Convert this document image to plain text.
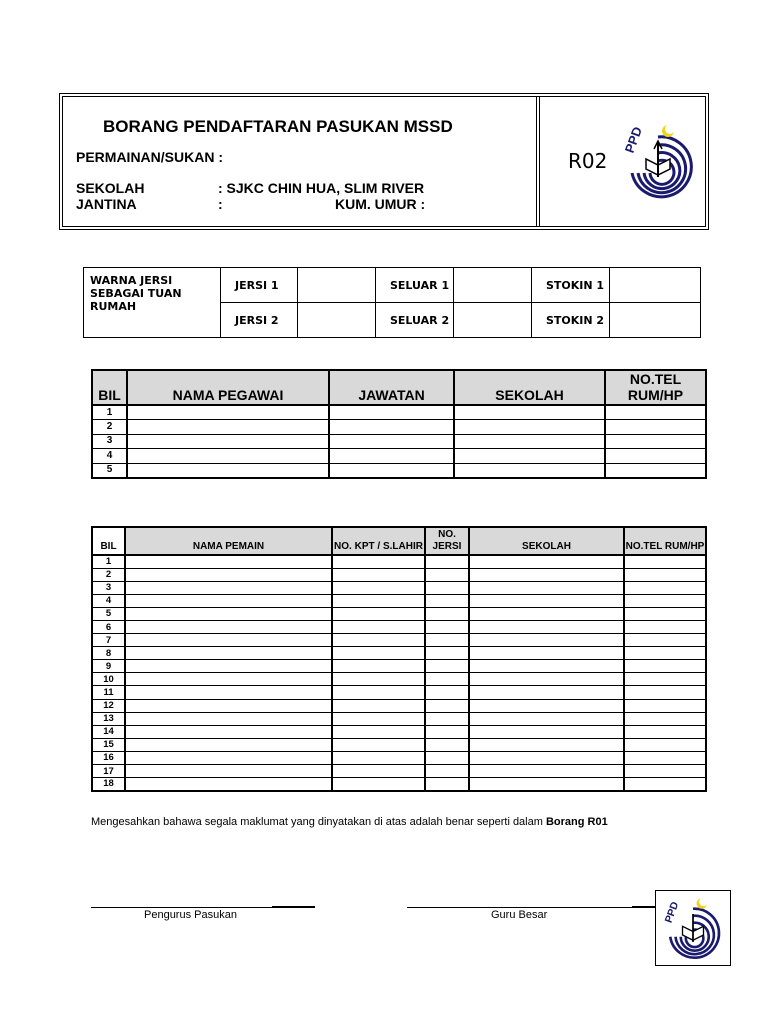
BORANG PENDAFTARAN PASUKAN MSSD
PERMAINAN/SUKAN :
SEKOLAH	: SJKC CHIN HUA, SLIM RIVER
JANTINA	:	KUM. UMUR :
R02
PPD
WARNA JERSI SEBAGAI TUAN RUMAH	JERSI 1		SELUAR 1		STOKIN 1	
	JERSI 2		SELUAR 2		STOKIN 2	
BIL	NAMA PEGAWAI	JAWATAN	SEKOLAH	NO.TEL RUM/HP
1				
2				
3				
4				
5				
BIL	NAMA PEMAIN	NO. KPT / S.LAHIR	NO. JERSI	SEKOLAH	NO.TEL RUM/HP
1					
2					
3					
4					
5					
6					
7					
8					
9					
10					
11					
12					
13					
14					
15					
16					
17					
18					
Mengesahkan bahawa segala maklumat yang dinyatakan di atas adalah benar seperti dalam Borang R01
Pengurus Pasukan	Guru Besar	PPD
